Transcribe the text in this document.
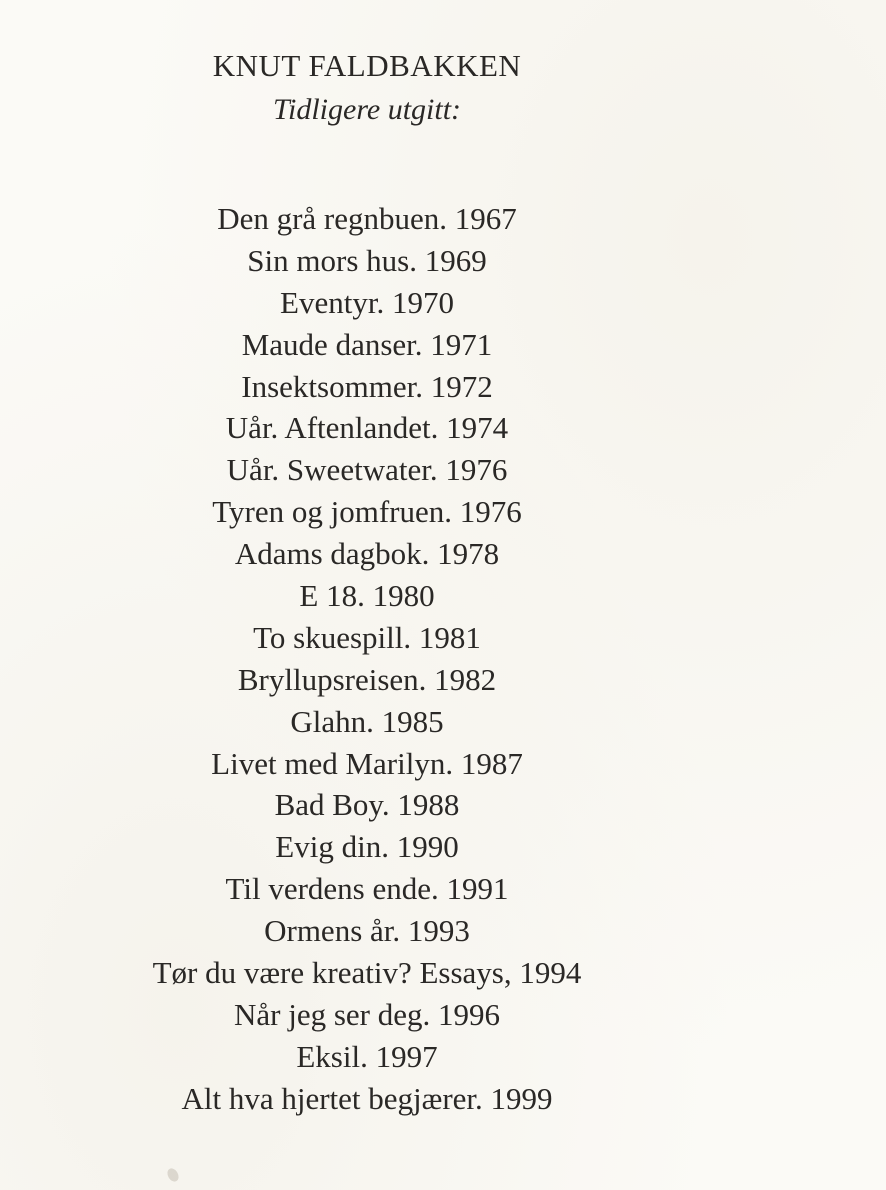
KNUT FALDBAKKEN
Tidligere utgitt:
Den grå regnbuen. 1967
Sin mors hus. 1969
Eventyr. 1970
Maude danser. 1971
Insektsommer. 1972
Uår. Aftenlandet. 1974
Uår. Sweetwater. 1976
Tyren og jomfruen. 1976
Adams dagbok. 1978
E 18. 1980
To skuespill. 1981
Bryllupsreisen. 1982
Glahn. 1985
Livet med Marilyn. 1987
Bad Boy. 1988
Evig din. 1990
Til verdens ende. 1991
Ormens år. 1993
Tør du være kreativ? Essays, 1994
Når jeg ser deg. 1996
Eksil. 1997
Alt hva hjertet begjærer. 1999
